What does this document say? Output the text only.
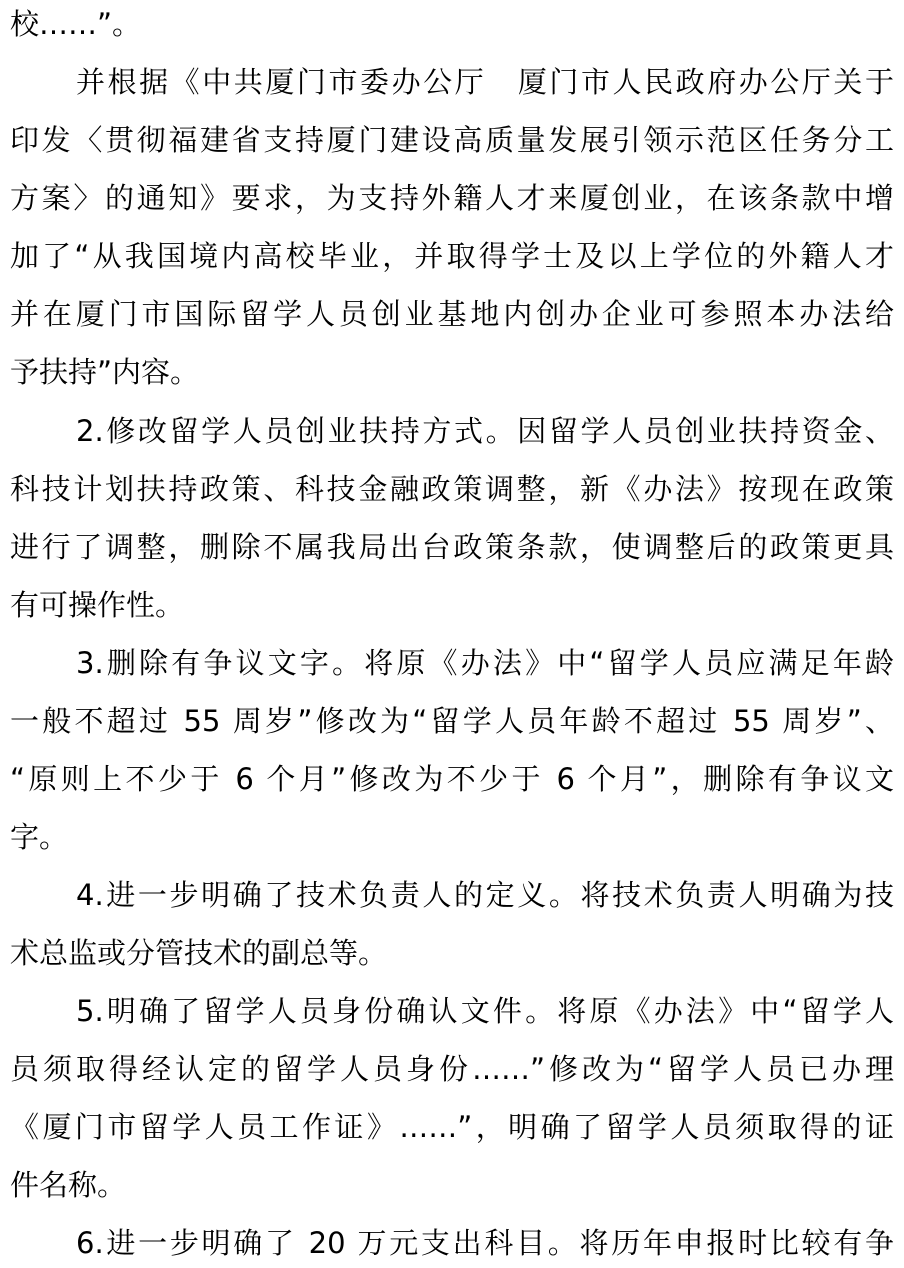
校……”。
并根据《中共厦门市委办公厅　厦门市人民政府办公厅关于
印发〈贯彻福建省支持厦门建设高质量发展引领示范区任务分工
方案〉的通知》要求，为支持外籍人才来厦创业，在该条款中增
加了“从我国境内高校毕业，并取得学士及以上学位的外籍人才
并在厦门市国际留学人员创业基地内创办企业可参照本办法给
予扶持”内容。
2.修改留学人员创业扶持方式。因留学人员创业扶持资金、
科技计划扶持政策、科技金融政策调整，新《办法》按现在政策
进行了调整，删除不属我局出台政策条款，使调整后的政策更具
有可操作性。
3.删除有争议文字。将原《办法》中“留学人员应满足年龄
一般不超过 55 周岁”修改为“留学人员年龄不超过 55 周岁”、
“原则上不少于 6 个月”修改为不少于 6 个月”，删除有争议文
字。
4.进一步明确了技术负责人的定义。将技术负责人明确为技
术总监或分管技术的副总等。
5.明确了留学人员身份确认文件。将原《办法》中“留学人
员须取得经认定的留学人员身份……”修改为“留学人员已办理
《厦门市留学人员工作证》……”，明确了留学人员须取得的证
件名称。
6.进一步明确了 20 万元支出科目。将历年申报时比较有争
